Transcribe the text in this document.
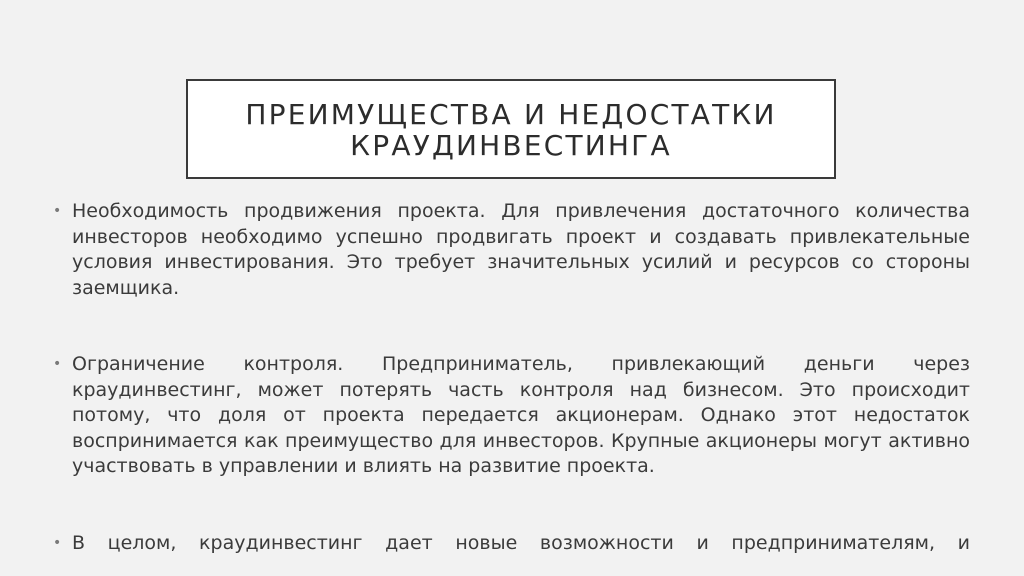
ПРЕИМУЩЕСТВА И НЕДОСТАТКИ
КРАУДИНВЕСТИНГА
• Необходимость продвижения проекта. Для привлечения достаточного количества инвесторов необходимо успешно продвигать проект и создавать привлекательные условия инвестирования. Это требует значительных усилий и ресурсов со стороны заемщика.
• Ограничение контроля. Предприниматель, привлекающий деньги через краудинвестинг, может потерять часть контроля над бизнесом. Это происходит потому, что доля от проекта передается акционерам. Однако этот недостаток воспринимается как преимущество для инвесторов. Крупные акционеры могут активно участвовать в управлении и влиять на развитие проекта.
• В целом, краудинвестинг дает новые возможности и предпринимателям, и
